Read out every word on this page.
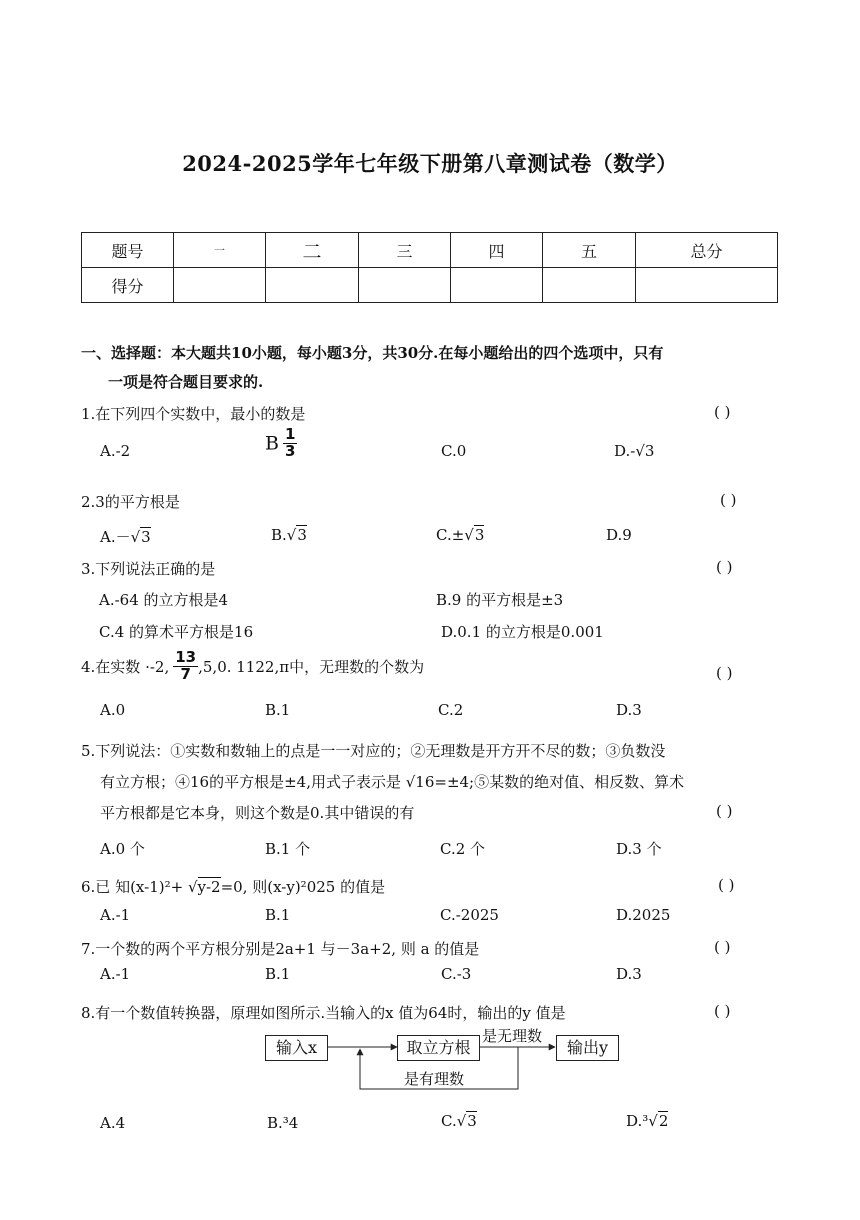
2024-2025学年七年级下册第八章测试卷（数学）
题号	一	二	三	四	五	总分
得分						
一、选择题：本大题共10小题，每小题3分，共30分.在每小题给出的四个选项中，只有
一项是符合题目要求的.
1.在下列四个实数中，最小的数是	( )
A.-2	B $\frac{1}{3}$	C.0	D.-√3
2.3的平方根是	( )
A.－√3	B.√3	C.±√3	D.9
3.下列说法正确的是	( )
A.-64 的立方根是4	B.9 的平方根是±3
C.4 的算术平方根是16	D.0.1 的立方根是0.001
4.在实数 ·-2, $\frac{13}{7} ,5,0$. 1122,π中，无理数的个数为	( )
A.0	B.1	C.2	D.3
5.下列说法：①实数和数轴上的点是一一对应的；②无理数是开方开不尽的数；③负数没
有立方根；④16的平方根是±4,用式子表示是 √16=±4;⑤某数的绝对值、相反数、算术
平方根都是它本身，则这个数是0.其中错误的有	( )
A.0 个	B.1 个	C.2 个	D.3 个
6.已 知(x-1)²+ √y-2=0, 则(x-y)²025 的值是	( )
A.-1	B.1	C.-2025	D.2025
7.一个数的两个平方根分别是2a+1 与－3a+2, 则 a 的值是	( )
A.-1	B.1	C.-3	D.3
8.有一个数值转换器，原理如图所示.当输入的x 值为64时，输出的y 值是	( )
输入x	取立方根	输出y
是无理数
是有理数
A.4	B.³4	C.√3	D.³√2
